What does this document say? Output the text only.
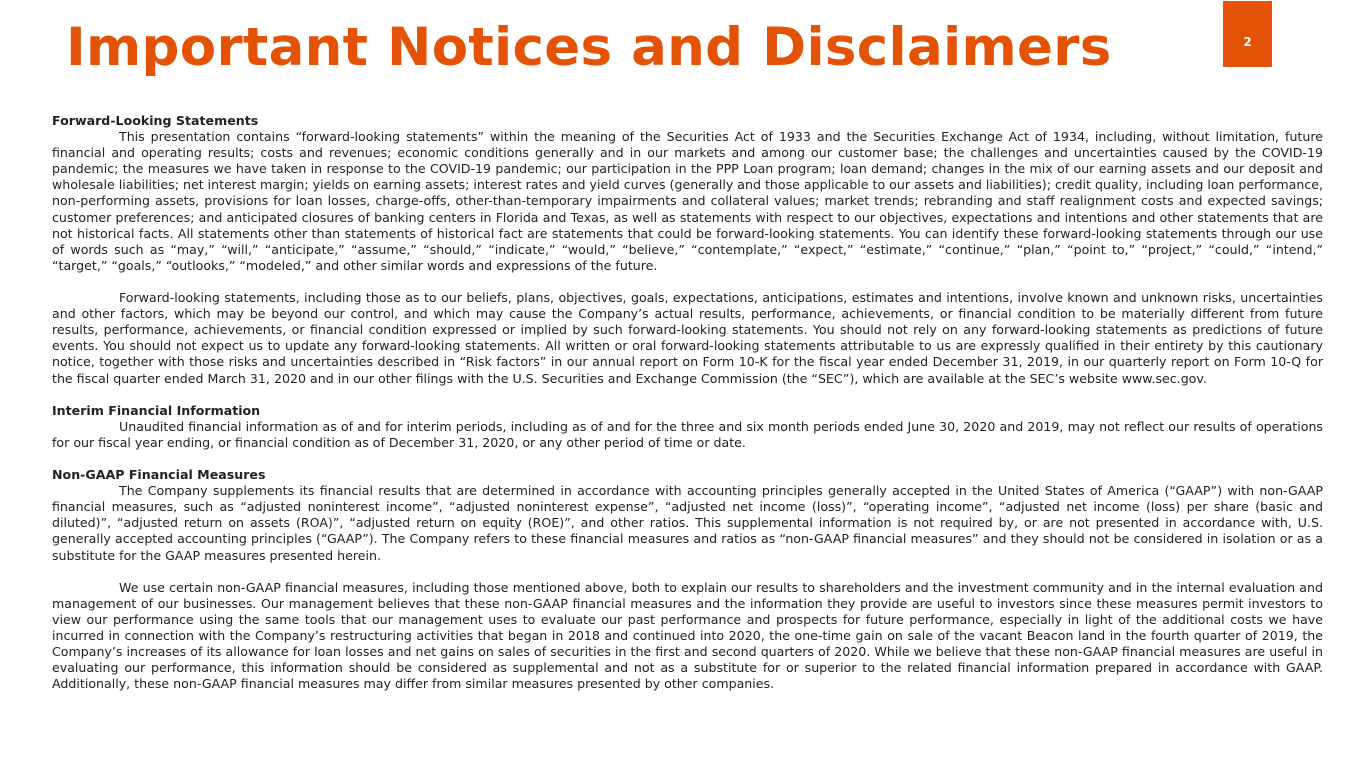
Important Notices and Disclaimers	2

Forward-Looking Statements

This presentation contains “forward-looking statements” within the meaning of the Securities Act of 1933 and the Securities Exchange Act of 1934, including, without limitation, future financial and operating results; costs and revenues; economic conditions generally and in our markets and among our customer base; the challenges and uncertainties caused by the COVID-19 pandemic; the measures we have taken in response to the COVID-19 pandemic; our participation in the PPP Loan program; loan demand; changes in the mix of our earning assets and our deposit and wholesale liabilities; net interest margin; yields on earning assets; interest rates and yield curves (generally and those applicable to our assets and liabilities); credit quality, including loan performance, non-performing assets, provisions for loan losses, charge-offs, other-than-temporary impairments and collateral values; market trends; rebranding and staff realignment costs and expected savings; customer preferences; and anticipated closures of banking centers in Florida and Texas, as well as statements with respect to our objectives, expectations and intentions and other statements that are not historical facts. All statements other than statements of historical fact are statements that could be forward-looking statements. You can identify these forward-looking statements through our use of words such as “may,” “will,” “anticipate,” “assume,” “should,” “indicate,” “would,” “believe,” “contemplate,” “expect,” “estimate,” “continue,” “plan,” “point to,” “project,” “could,” “intend,” “target,” “goals,” “outlooks,” “modeled,” and other similar words and expressions of the future.

Forward-looking statements, including those as to our beliefs, plans, objectives, goals, expectations, anticipations, estimates and intentions, involve known and unknown risks, uncertainties and other factors, which may be beyond our control, and which may cause the Company’s actual results, performance, achievements, or financial condition to be materially different from future results, performance, achievements, or financial condition expressed or implied by such forward-looking statements. You should not rely on any forward-looking statements as predictions of future events. You should not expect us to update any forward-looking statements. All written or oral forward-looking statements attributable to us are expressly qualified in their entirety by this cautionary notice, together with those risks and uncertainties described in “Risk factors” in our annual report on Form 10-K for the fiscal year ended December 31, 2019, in our quarterly report on Form 10-Q for the fiscal quarter ended March 31, 2020 and in our other filings with the U.S. Securities and Exchange Commission (the “SEC”), which are available at the SEC’s website www.sec.gov.

Interim Financial Information

Unaudited financial information as of and for interim periods, including as of and for the three and six month periods ended June 30, 2020 and 2019, may not reflect our results of operations for our fiscal year ending, or financial condition as of December 31, 2020, or any other period of time or date.

Non-GAAP Financial Measures

The Company supplements its financial results that are determined in accordance with accounting principles generally accepted in the United States of America (“GAAP”) with non-GAAP financial measures, such as “adjusted noninterest income”, “adjusted noninterest expense”, “adjusted net income (loss)”, “operating income”, “adjusted net income (loss) per share (basic and diluted)”, “adjusted return on assets (ROA)”, “adjusted return on equity (ROE)”, and other ratios. This supplemental information is not required by, or are not presented in accordance with, U.S. generally accepted accounting principles (“GAAP”). The Company refers to these financial measures and ratios as “non-GAAP financial measures” and they should not be considered in isolation or as a substitute for the GAAP measures presented herein.

We use certain non-GAAP financial measures, including those mentioned above, both to explain our results to shareholders and the investment community and in the internal evaluation and management of our businesses. Our management believes that these non-GAAP financial measures and the information they provide are useful to investors since these measures permit investors to view our performance using the same tools that our management uses to evaluate our past performance and prospects for future performance, especially in light of the additional costs we have incurred in connection with the Company’s restructuring activities that began in 2018 and continued into 2020, the one-time gain on sale of the vacant Beacon land in the fourth quarter of 2019, the Company’s increases of its allowance for loan losses and net gains on sales of securities in the first and second quarters of 2020. While we believe that these non-GAAP financial measures are useful in evaluating our performance, this information should be considered as supplemental and not as a substitute for or superior to the related financial information prepared in accordance with GAAP. Additionally, these non-GAAP financial measures may differ from similar measures presented by other companies.
